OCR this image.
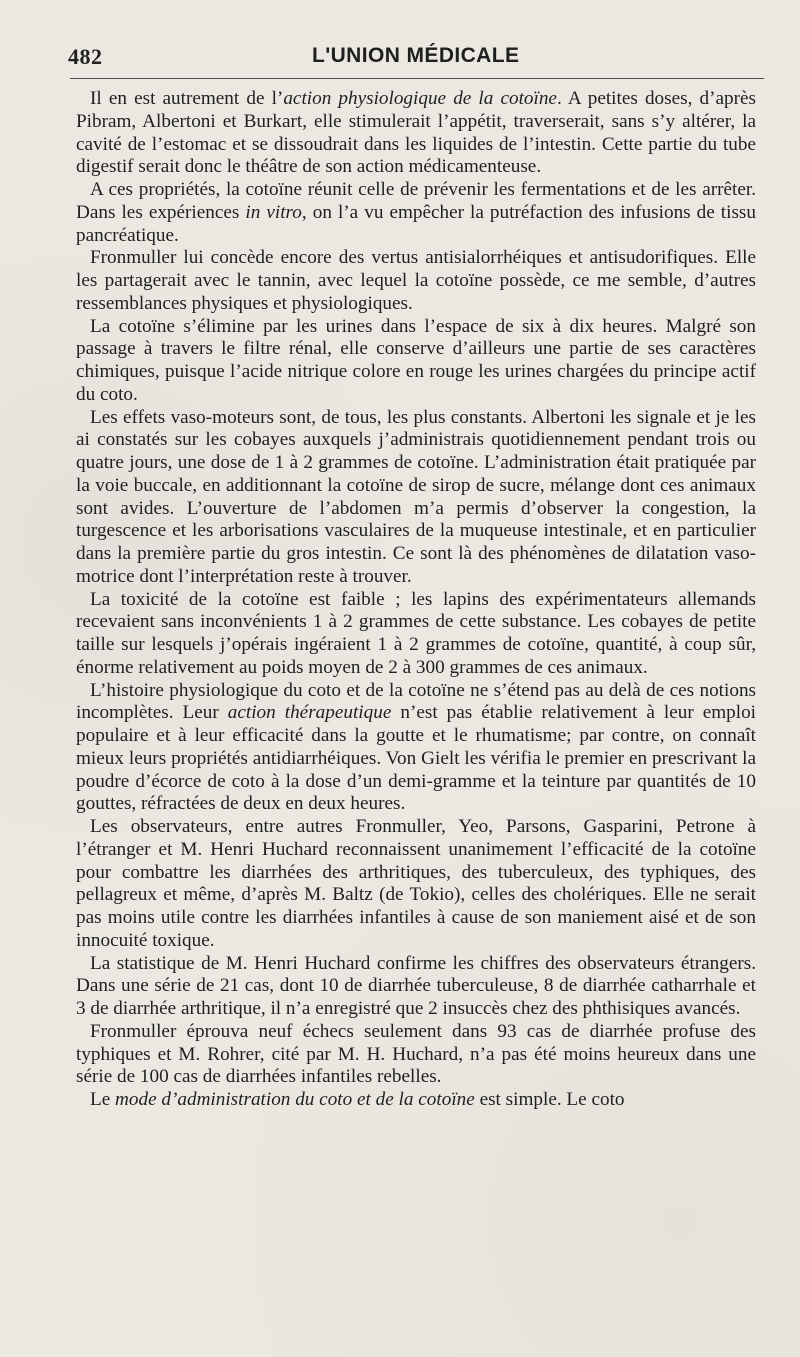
482	L'UNION MÉDICALE

Il en est autrement de l’action physiologique de la cotoïne. A petites doses, d’après Pibram, Albertoni et Burkart, elle stimulerait l’appétit, traverserait, sans s’y altérer, la cavité de l’estomac et se dissoudrait dans les liquides de l’intestin. Cette partie du tube digestif serait donc le théâtre de son action médicamenteuse.

A ces propriétés, la cotoïne réunit celle de prévenir les fermentations et de les arrêter. Dans les expériences in vitro, on l’a vu empêcher la putréfaction des infusions de tissu pancréatique.

Fronmuller lui concède encore des vertus antisialorrhéiques et antisudorifiques. Elle les partagerait avec le tannin, avec lequel la cotoïne possède, ce me semble, d’autres ressemblances physiques et physiologiques.

La cotoïne s’élimine par les urines dans l’espace de six à dix heures. Malgré son passage à travers le filtre rénal, elle conserve d’ailleurs une partie de ses caractères chimiques, puisque l’acide nitrique colore en rouge les urines chargées du principe actif du coto.

Les effets vaso-moteurs sont, de tous, les plus constants. Albertoni les signale et je les ai constatés sur les cobayes auxquels j’administrais quotidiennement pendant trois ou quatre jours, une dose de 1 à 2 grammes de cotoïne. L’administration était pratiquée par la voie buccale, en additionnant la cotoïne de sirop de sucre, mélange dont ces animaux sont avides. L’ouverture de l’abdomen m’a permis d’observer la congestion, la turgescence et les arborisations vasculaires de la muqueuse intestinale, et en particulier dans la première partie du gros intestin. Ce sont là des phénomènes de dilatation vaso-motrice dont l’interprétation reste à trouver.

La toxicité de la cotoïne est faible ; les lapins des expérimentateurs allemands recevaient sans inconvénients 1 à 2 grammes de cette substance. Les cobayes de petite taille sur lesquels j’opérais ingéraient 1 à 2 grammes de cotoïne, quantité, à coup sûr, énorme relativement au poids moyen de 2 à 300 grammes de ces animaux.

L’histoire physiologique du coto et de la cotoïne ne s’étend pas au delà de ces notions incomplètes. Leur action thérapeutique n’est pas établie relativement à leur emploi populaire et à leur efficacité dans la goutte et le rhumatisme; par contre, on connaît mieux leurs propriétés antidiarrhéiques. Von Gielt les vérifia le premier en prescrivant la poudre d’écorce de coto à la dose d’un demi-gramme et la teinture par quantités de 10 gouttes, réfractées de deux en deux heures.

Les observateurs, entre autres Fronmuller, Yeo, Parsons, Gasparini, Petrone à l’étranger et M. Henri Huchard reconnaissent unanimement l’efficacité de la cotoïne pour combattre les diarrhées des arthritiques, des tuberculeux, des typhiques, des pellagreux et même, d’après M. Baltz (de Tokio), celles des cholériques. Elle ne serait pas moins utile contre les diarrhées infantiles à cause de son maniement aisé et de son innocuité toxique.

La statistique de M. Henri Huchard confirme les chiffres des observateurs étrangers. Dans une série de 21 cas, dont 10 de diarrhée tuberculeuse, 8 de diarrhée catharrhale et 3 de diarrhée arthritique, il n’a enregistré que 2 insuccès chez des phthisiques avancés.

Fronmuller éprouva neuf échecs seulement dans 93 cas de diarrhée profuse des typhiques et M. Rohrer, cité par M. H. Huchard, n’a pas été moins heureux dans une série de 100 cas de diarrhées infantiles rebelles.

Le mode d’administration du coto et de la cotoïne est simple. Le coto
